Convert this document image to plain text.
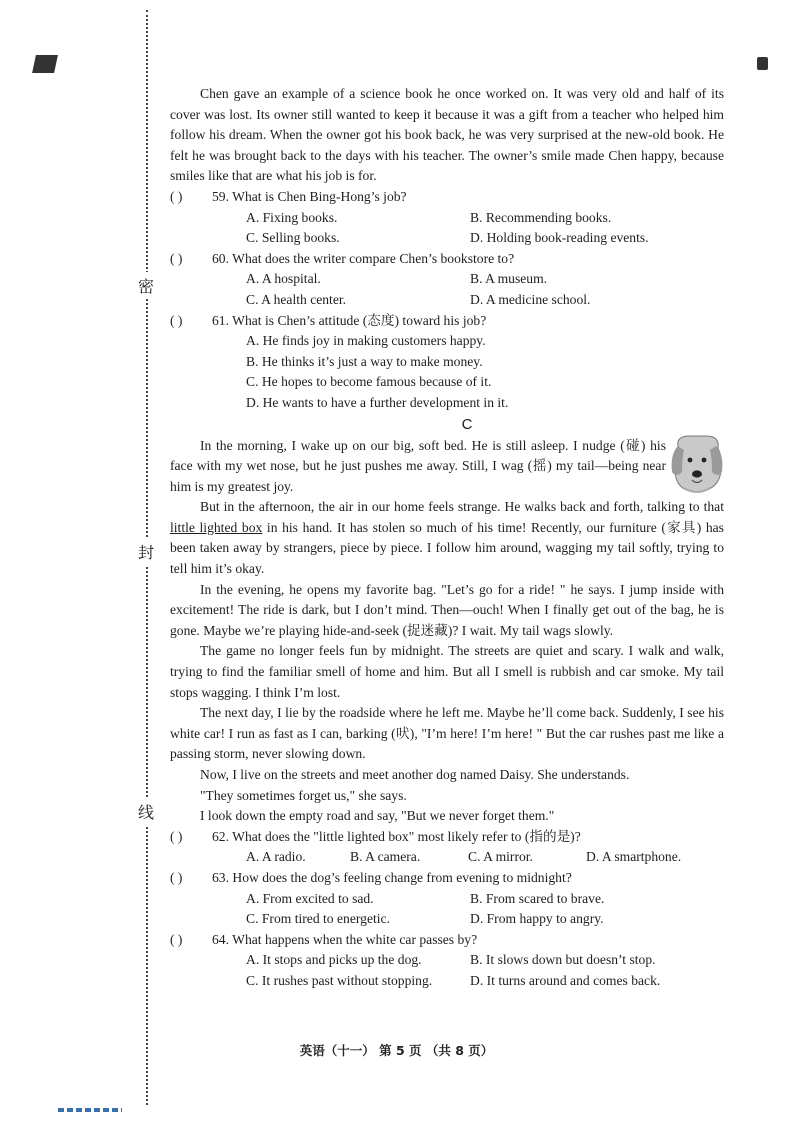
密
封
线

Chen gave an example of a science book he once worked on. It was very old and half of its cover was lost. Its owner still wanted to keep it because it was a gift from a teacher who helped him follow his dream. When the owner got his book back, he was very surprised at the new-old book. He felt he was brought back to the days with his teacher. The owner’s smile made Chen happy, because smiles like that are what his job is for.

( ) 59. What is Chen Bing-Hong’s job?
A. Fixing books.	B. Recommending books.
C. Selling books.	D. Holding book-reading events.
( ) 60. What does the writer compare Chen’s bookstore to?
A. A hospital.	B. A museum.
C. A health center.	D. A medicine school.
( ) 61. What is Chen’s attitude (态度) toward his job?
A. He finds joy in making customers happy.
B. He thinks it’s just a way to make money.
C. He hopes to become famous because of it.
D. He wants to have a further development in it.
C

In the morning, I wake up on our big, soft bed. He is still asleep. I nudge (碰) his face with my wet nose, but he just pushes me away. Still, I wag (摇) my tail—being near him is my greatest joy.

But in the afternoon, the air in our home feels strange. He walks back and forth, talking to that little lighted box in his hand. It has stolen so much of his time! Recently, our furniture (家具) has been taken away by strangers, piece by piece. I follow him around, wagging my tail softly, trying to tell him it’s okay.

In the evening, he opens my favorite bag. "Let’s go for a ride! " he says. I jump inside with excitement! The ride is dark, but I don’t mind. Then—ouch! When I finally get out of the bag, he is gone. Maybe we’re playing hide-and-seek (捉迷藏)? I wait. My tail wags slowly.

The game no longer feels fun by midnight. The streets are quiet and scary. I walk and walk, trying to find the familiar smell of home and him. But all I smell is rubbish and car smoke. My tail stops wagging. I think I’m lost.

The next day, I lie by the roadside where he left me. Maybe he’ll come back. Suddenly, I see his white car! I run as fast as I can, barking (吠), "I’m here! I’m here! " But the car rushes past me like a passing storm, never slowing down.

Now, I live on the streets and meet another dog named Daisy. She understands.

"They sometimes forget us," she says.

I look down the empty road and say, "But we never forget them."

( ) 62. What does the "little lighted box" most likely refer to (指的是)?
A. A radio.	B. A camera.	C. A mirror.	D. A smartphone.
( ) 63. How does the dog’s feeling change from evening to midnight?
A. From excited to sad.	B. From scared to brave.
C. From tired to energetic.	D. From happy to angry.
( ) 64. What happens when the white car passes by?
A. It stops and picks up the dog.	B. It slows down but doesn’t stop.
C. It rushes past without stopping.	D. It turns around and comes back.
英语（十一） 第 5 页 （共 8 页）
